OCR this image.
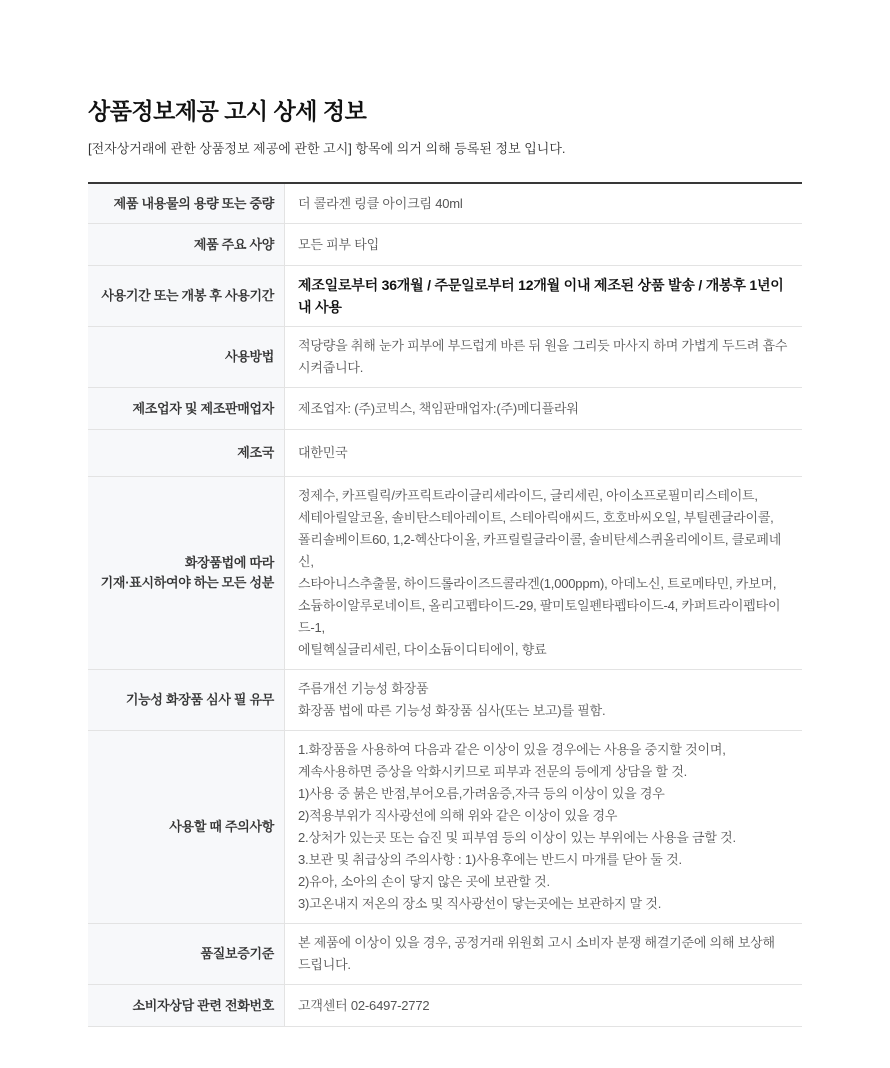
상품정보제공 고시 상세 정보

[전자상거래에 관한 상품정보 제공에 관한 고시] 항목에 의거 의해 등록된 정보 입니다.

제품 내용물의 용량 또는 중량 더 콜라겐 링클 아이크림 40ml
제품 주요 사양 모든 피부 타입
사용기간 또는 개봉 후 사용기간
제조일로부터 36개월 / 주문일로부터 12개월 이내 제조된 상품 발송 / 개봉후 1년이내 사용
사용방법
적당량을 취해 눈가 피부에 부드럽게 바른 뒤 원을 그리듯 마사지 하며 가볍게 두드려 흡수시켜줍니다.
제조업자 및 제조판매업자 제조업자: (주)코빅스, 책임판매업자:(주)메디플라워
제조국 대한민국
화장품법에 따라
기재·표시하여야 하는 모든 성분
정제수, 카프릴릭/카프릭트라이글리세라이드, 글리세린, 아이소프로필미리스테이트,
세테아릴알코올, 솔비탄스테아레이트, 스테아릭애씨드, 호호바씨오일, 부틸렌글라이콜,
폴리솔베이트60, 1,2-헥산다이올, 카프릴릴글라이콜, 솔비탄세스퀴올리에이트, 클로페네신,
스타아니스추출물, 하이드롤라이즈드콜라겐(1,000ppm), 아데노신, 트로메타민, 카보머,
소듐하이알루로네이트, 올리고펩타이드-29, 팔미토일펜타펩타이드-4, 카퍼트라이펩타이드-1,
에틸헥실글리세린, 다이소듐이디티에이, 향료
기능성 화장품 심사 필 유무
주름개선 기능성 화장품
화장품 법에 따른 기능성 화장품 심사(또는 보고)를 필함.
사용할 때 주의사항
1.화장품을 사용하여 다음과 같은 이상이 있을 경우에는 사용을 중지할 것이며,
계속사용하면 증상을 악화시키므로 피부과 전문의 등에게 상담을 할 것.
1)사용 중 붉은 반점,부어오름,가려움증,자극 등의 이상이 있을 경우
2)적용부위가 직사광선에 의해 위와 같은 이상이 있을 경우
2.상처가 있는곳 또는 습진 및 피부염 등의 이상이 있는 부위에는 사용을 금할 것.
3.보관 및 취급상의 주의사항 : 1)사용후에는 반드시 마개를 닫아 둘 것.
2)유아, 소아의 손이 닿지 않은 곳에 보관할 것.
3)고온내지 저온의 장소 및 직사광선이 닿는곳에는 보관하지 말 것.
품질보증기준
본 제품에 이상이 있을 경우, 공정거래 위원회 고시 소비자 분쟁 해결기준에 의해 보상해 드립니다.
소비자상담 관련 전화번호 고객센터 02-6497-2772
